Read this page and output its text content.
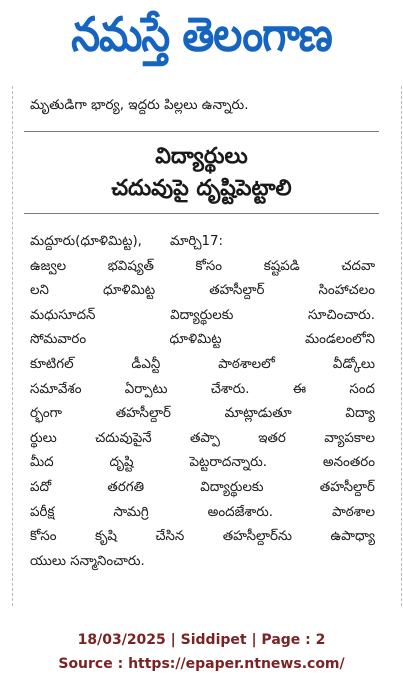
నమస్తే తెలంగాణ
మృతుడిగా భార్య, ఇద్దరు పిల్లలు ఉన్నారు.
విద్యార్థులు
చదువుపై దృష్టిపెట్టాలి
మద్దూరు(ధూళిమిట్ట), మార్చి17:
ఉజ్వల భవిష్యత్ కోసం కష్టపడి చదవా
లని ధూళిమిట్ట తహసీల్దార్ సింహాచలం
మధుసూదన్ విద్యార్థులకు సూచించారు.
సోమవారం ధూళిమిట్ట మండలంలోని
కూటిగల్ డీఎన్టీ పాఠశాలలో వీడ్కోలు
సమావేశం ఏర్పాటు చేశారు. ఈ సంద
ర్భంగా తహసీల్దార్ మాట్లాడుతూ విద్యా
ర్థులు చదువుపైనే తప్పా ఇతర వ్యాపకాల
మీద దృష్టి పెట్టరాదన్నారు. అనంతరం
పదో తరగతి విద్యార్థులకు తహసీల్దార్
పరీక్ష సామగ్రి అందజేశారు. పాఠశాల
కోసం కృషి చేసిన తహసీల్దార్‌ను ఉపాధ్యా
యులు సన్మానించారు.
18/03/2025 | Siddipet | Page : 2
Source : https://epaper.ntnews.com/
